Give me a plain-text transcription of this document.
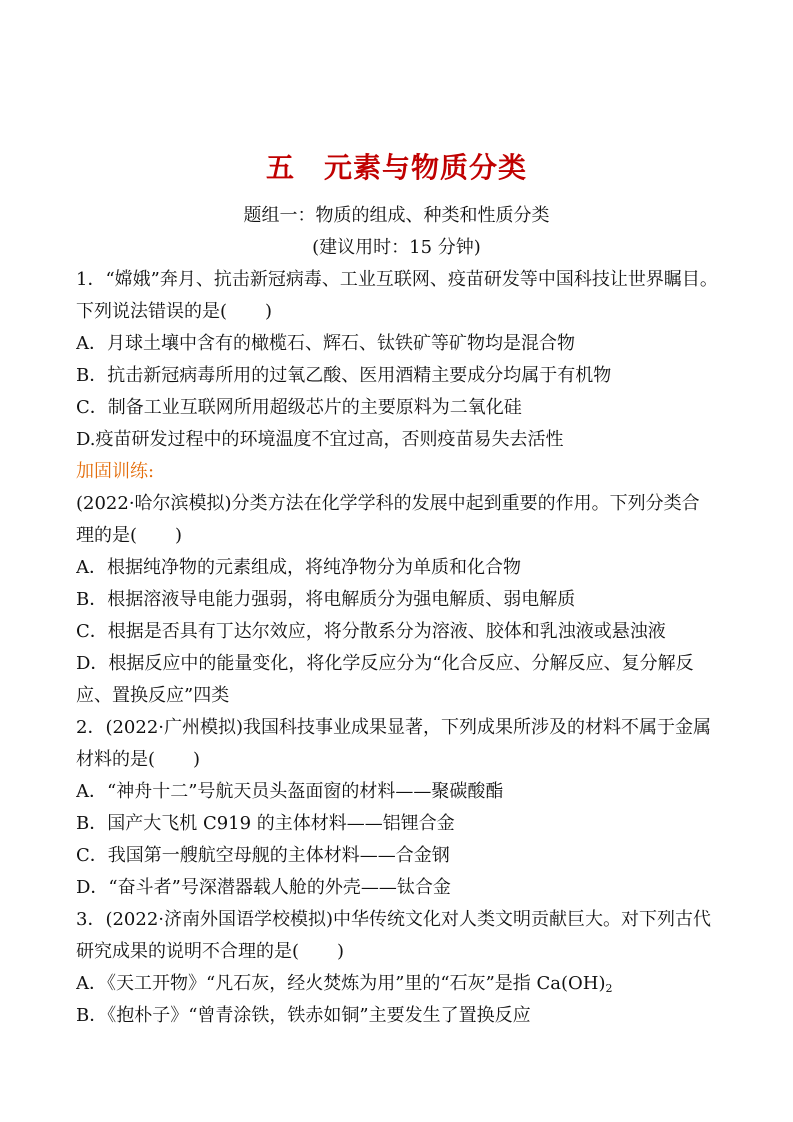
五　元素与物质分类
题组一：物质的组成、种类和性质分类
(建议用时：15 分钟)
1．“嫦娥”奔月、抗击新冠病毒、工业互联网、疫苗研发等中国科技让世界瞩目。
下列说法错误的是( )
A．月球土壤中含有的橄榄石、辉石、钛铁矿等矿物均是混合物
B．抗击新冠病毒所用的过氧乙酸、医用酒精主要成分均属于有机物
C．制备工业互联网所用超级芯片的主要原料为二氧化硅
D.疫苗研发过程中的环境温度不宜过高，否则疫苗易失去活性
加固训练:
(2022·哈尔滨模拟)分类方法在化学学科的发展中起到重要的作用。下列分类合
理的是( )
A．根据纯净物的元素组成，将纯净物分为单质和化合物
B．根据溶液导电能力强弱，将电解质分为强电解质、弱电解质
C．根据是否具有丁达尔效应，将分散系分为溶液、胶体和乳浊液或悬浊液
D．根据反应中的能量变化，将化学反应分为“化合反应、分解反应、复分解反
应、置换反应”四类
2．(2022·广州模拟)我国科技事业成果显著，下列成果所涉及的材料不属于金属
材料的是( )
A．“神舟十二”号航天员头盔面窗的材料——聚碳酸酯
B．国产大飞机 C919 的主体材料——铝锂合金
C．我国第一艘航空母舰的主体材料——合金钢
D．“奋斗者”号深潜器载人舱的外壳——钛合金
3．(2022·济南外国语学校模拟)中华传统文化对人类文明贡献巨大。对下列古代
研究成果的说明不合理的是( )
A．《天工开物》“凡石灰，经火焚炼为用”里的“石灰”是指 Ca(OH)2
B．《抱朴子》“曾青涂铁，铁赤如铜”主要发生了置换反应
